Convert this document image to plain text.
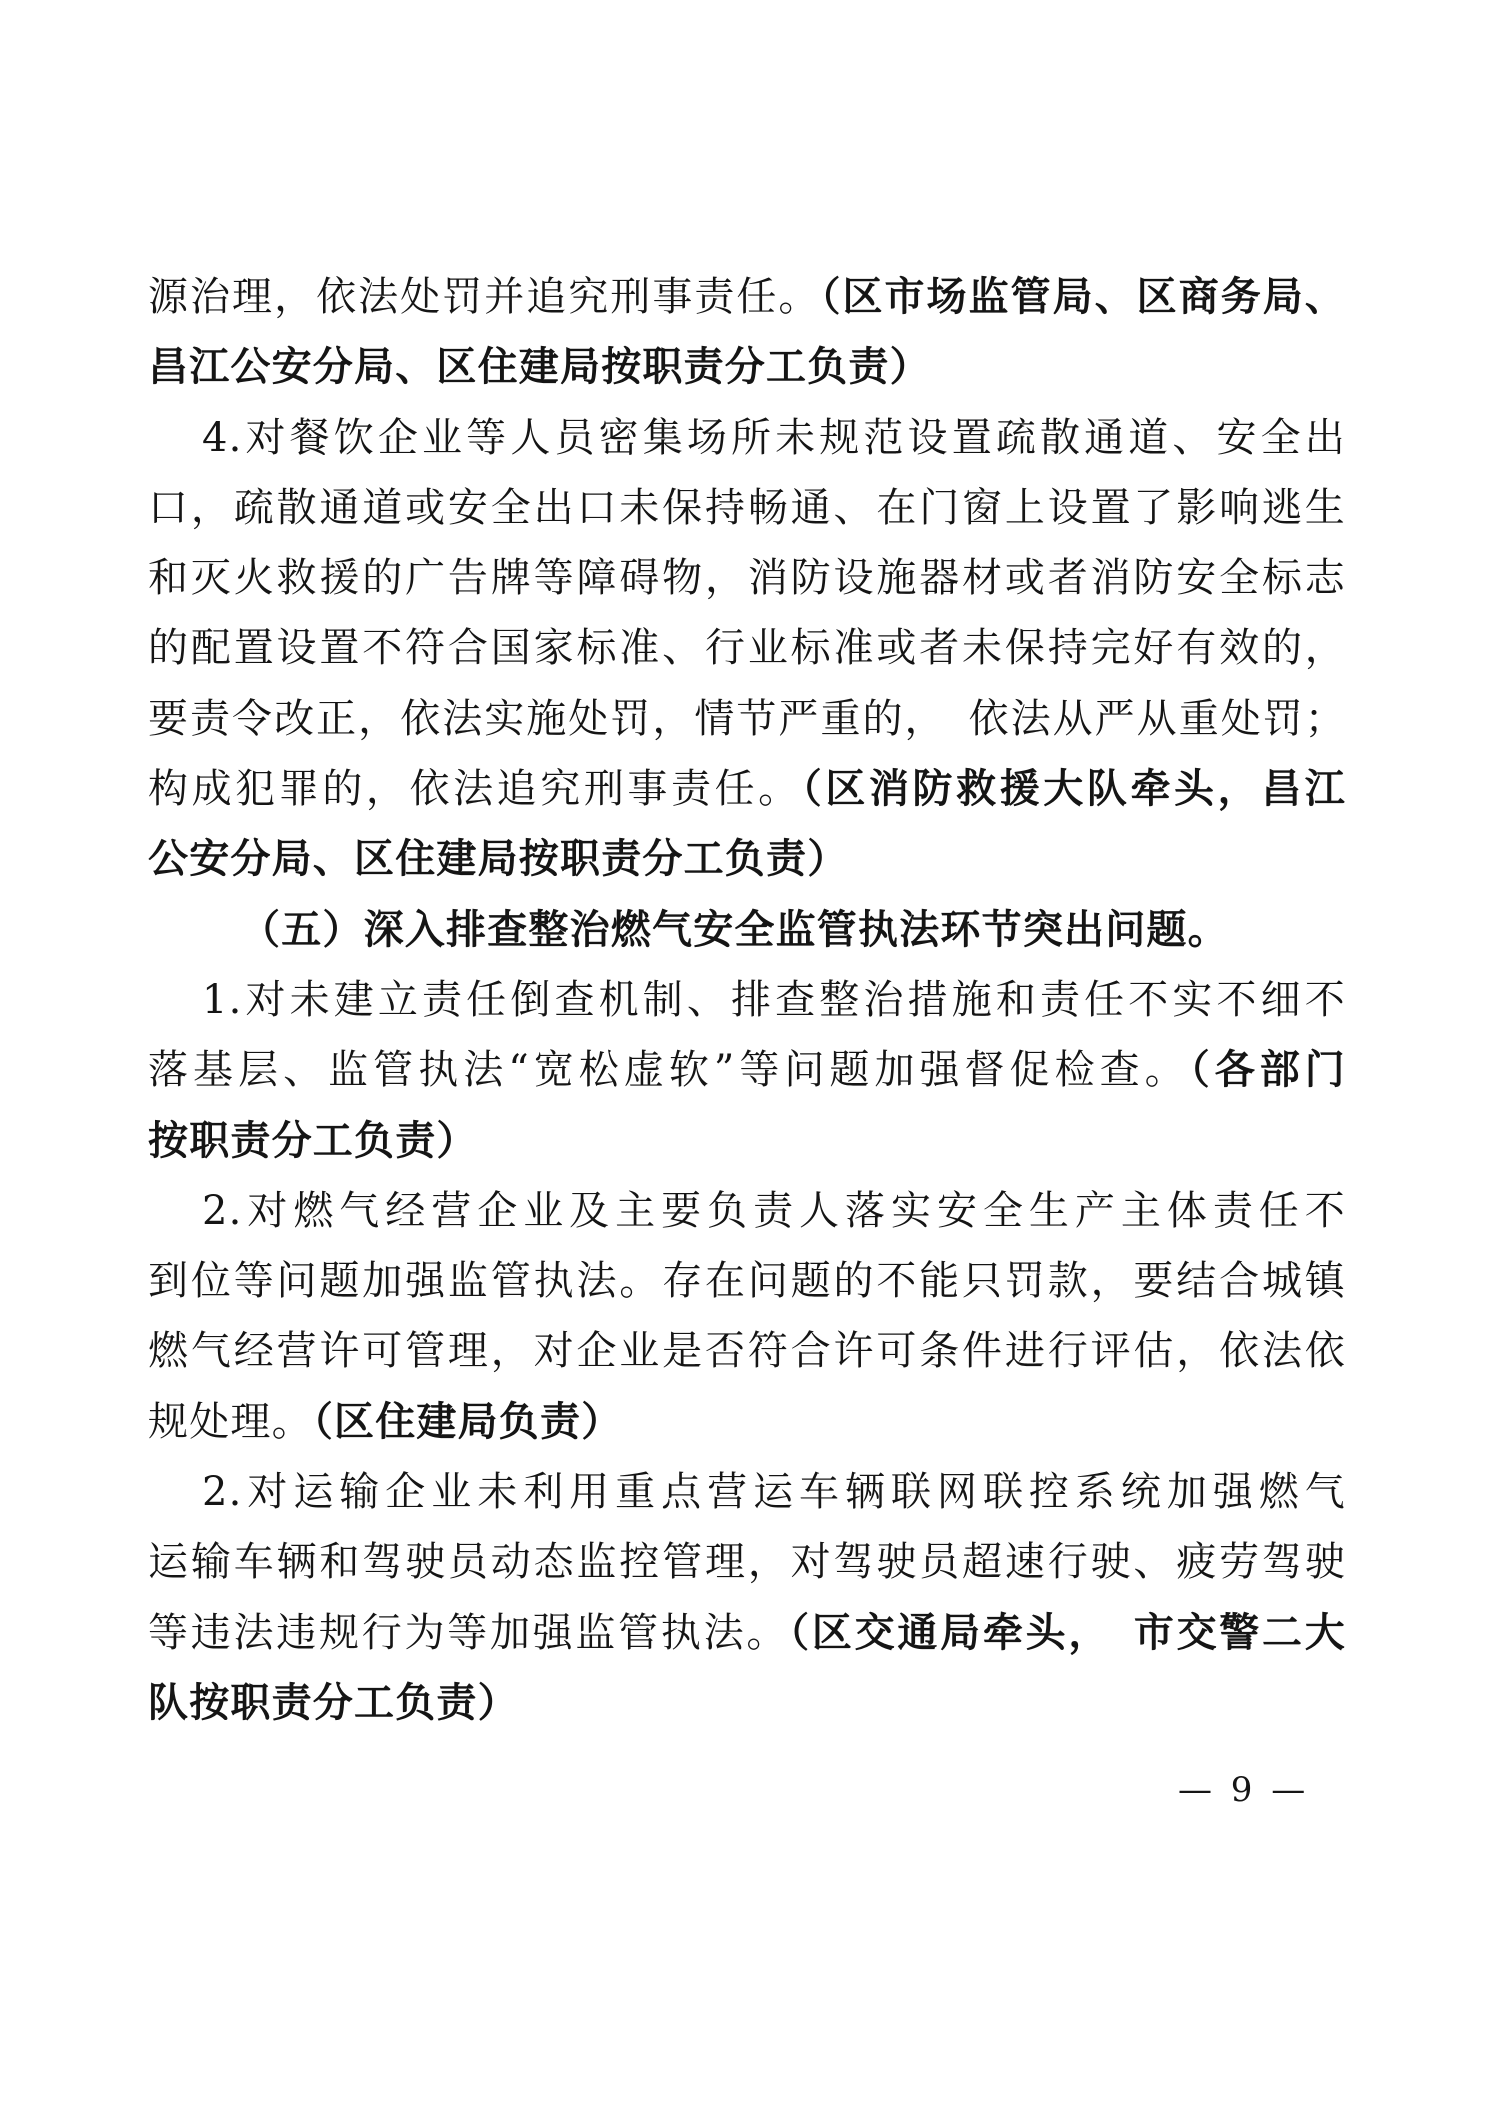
源治理，依法处罚并追究刑事责任。（区市场监管局、区商务局、
昌江公安分局、区住建局按职责分工负责）
4.对餐饮企业等人员密集场所未规范设置疏散通道、安全出
口，疏散通道或安全出口未保持畅通、在门窗上设置了影响逃生
和灭火救援的广告牌等障碍物，消防设施器材或者消防安全标志
的配置设置不符合国家标准、行业标准或者未保持完好有效的，
要责令改正，依法实施处罚，情节严重的，　依法从严从重处罚；
构成犯罪的，依法追究刑事责任。（区消防救援大队牵头，昌江
公安分局、区住建局按职责分工负责）
（五）深入排查整治燃气安全监管执法环节突出问题。
1.对未建立责任倒查机制、排查整治措施和责任不实不细不
落基层、监管执法“宽松虚软”等问题加强督促检查。（各部门
按职责分工负责）
2.对燃气经营企业及主要负责人落实安全生产主体责任不
到位等问题加强监管执法。存在问题的不能只罚款，要结合城镇
燃气经营许可管理，对企业是否符合许可条件进行评估，依法依
规处理。（区住建局负责）
2.对运输企业未利用重点营运车辆联网联控系统加强燃气
运输车辆和驾驶员动态监控管理，对驾驶员超速行驶、疲劳驾驶
等违法违规行为等加强监管执法。（区交通局牵头，　市交警二大
队按职责分工负责）
— 9 —
